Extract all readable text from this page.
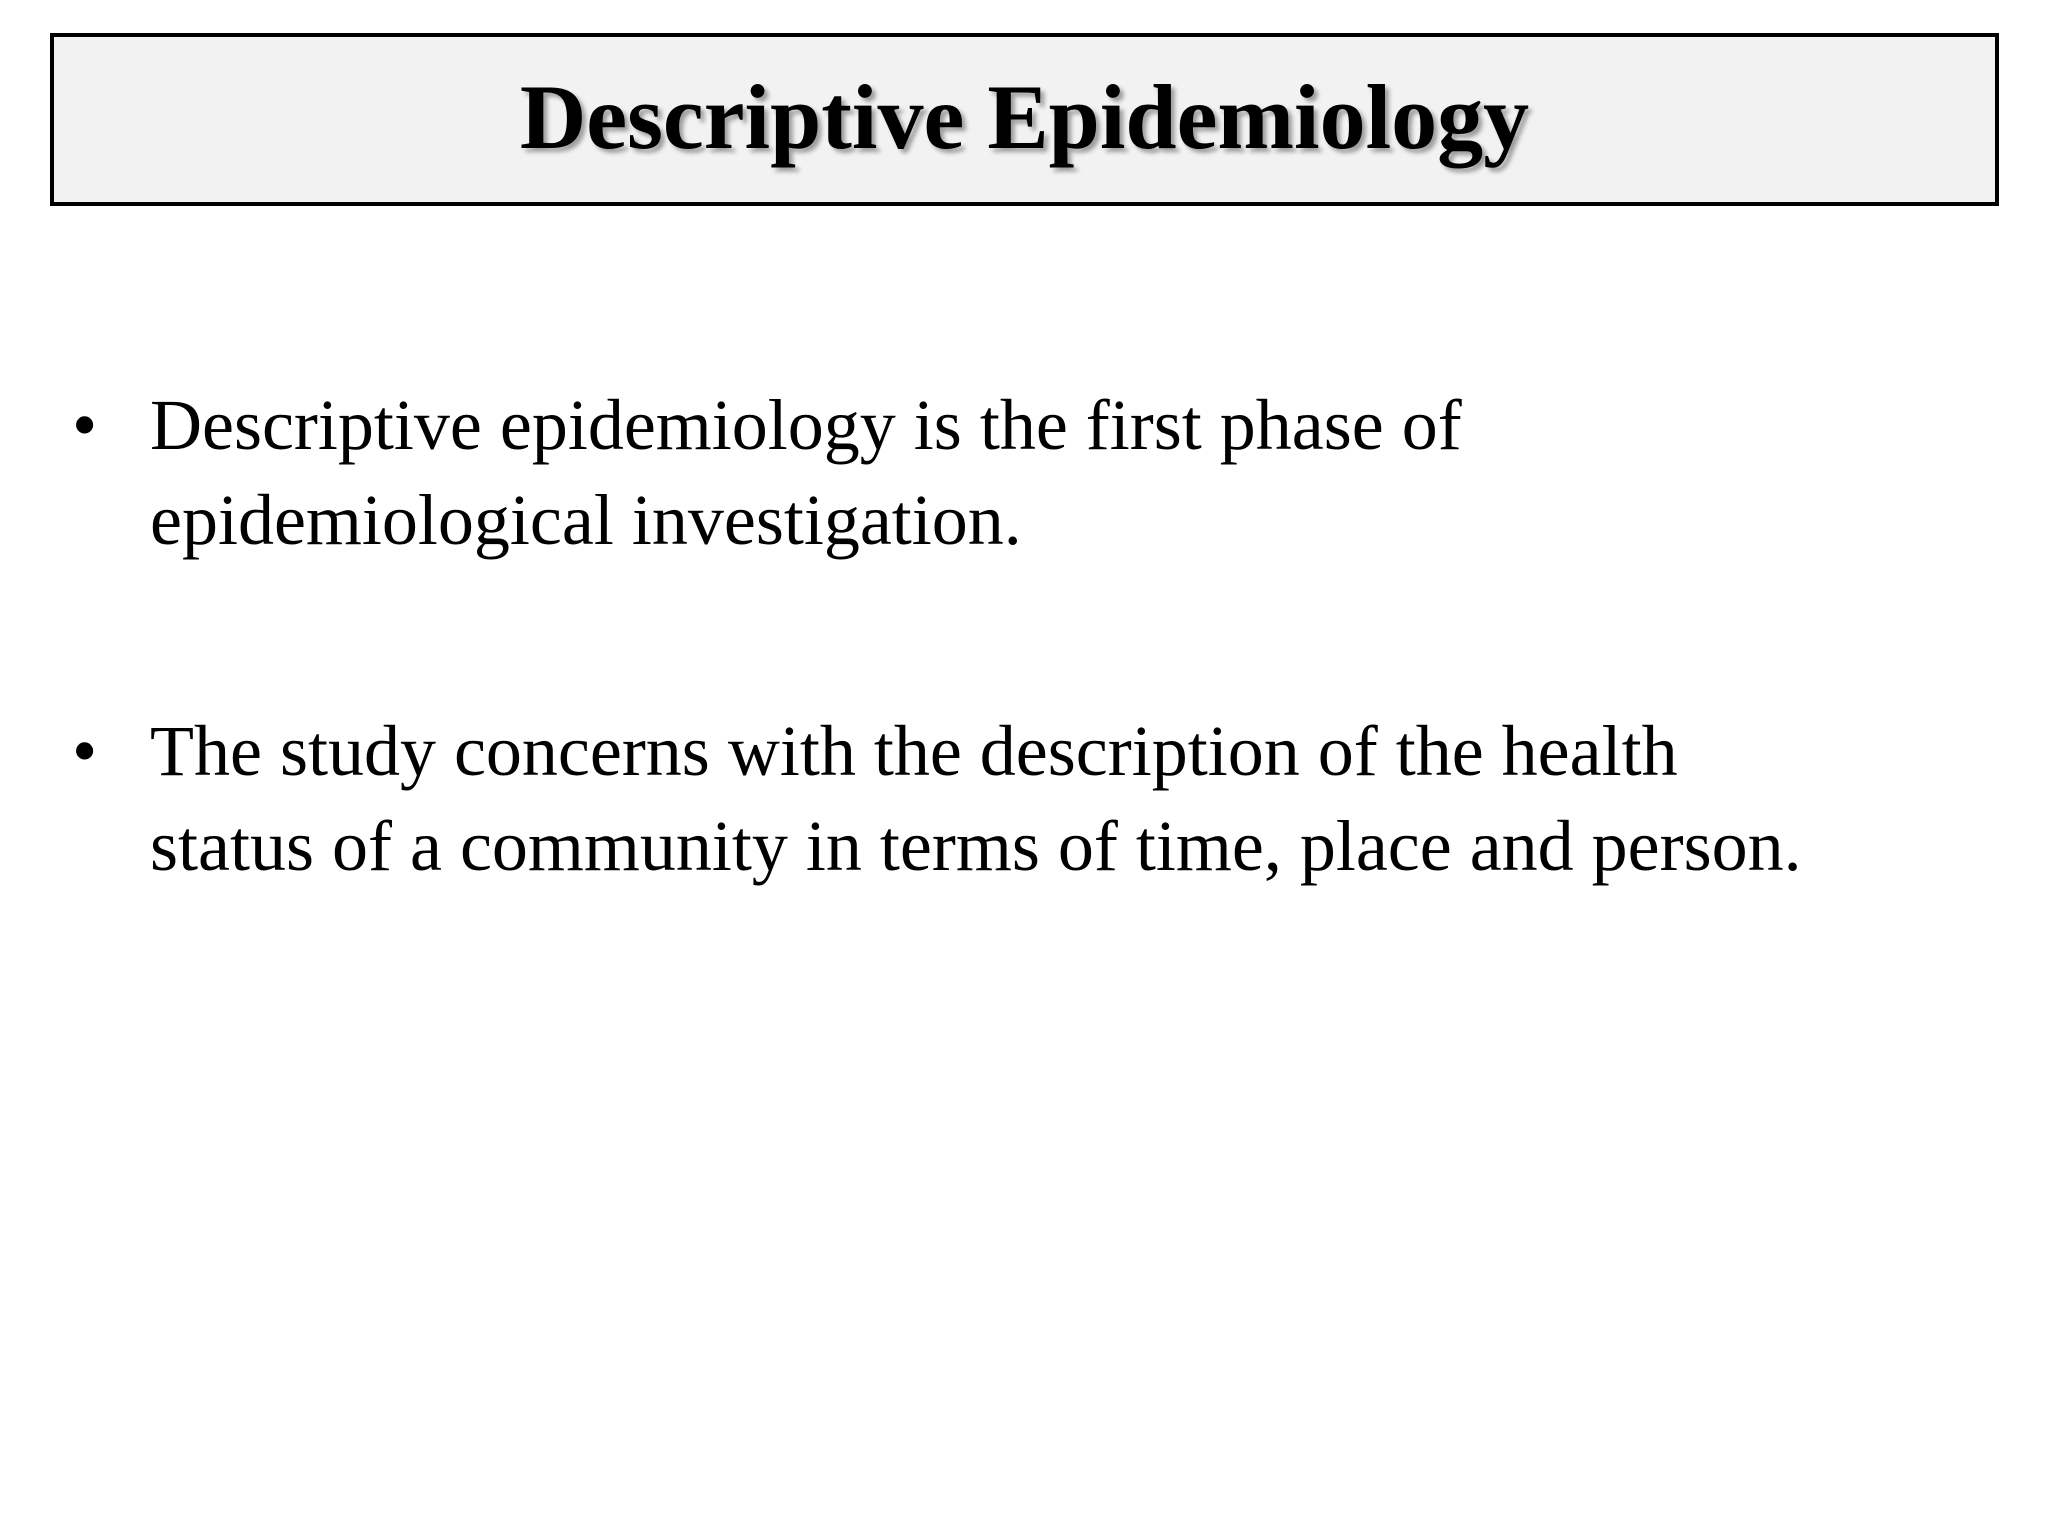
Descriptive Epidemiology
• Descriptive epidemiology is the first phase of
epidemiological investigation.
• The study concerns with the description of the health
status of a community in terms of time, place and person.
